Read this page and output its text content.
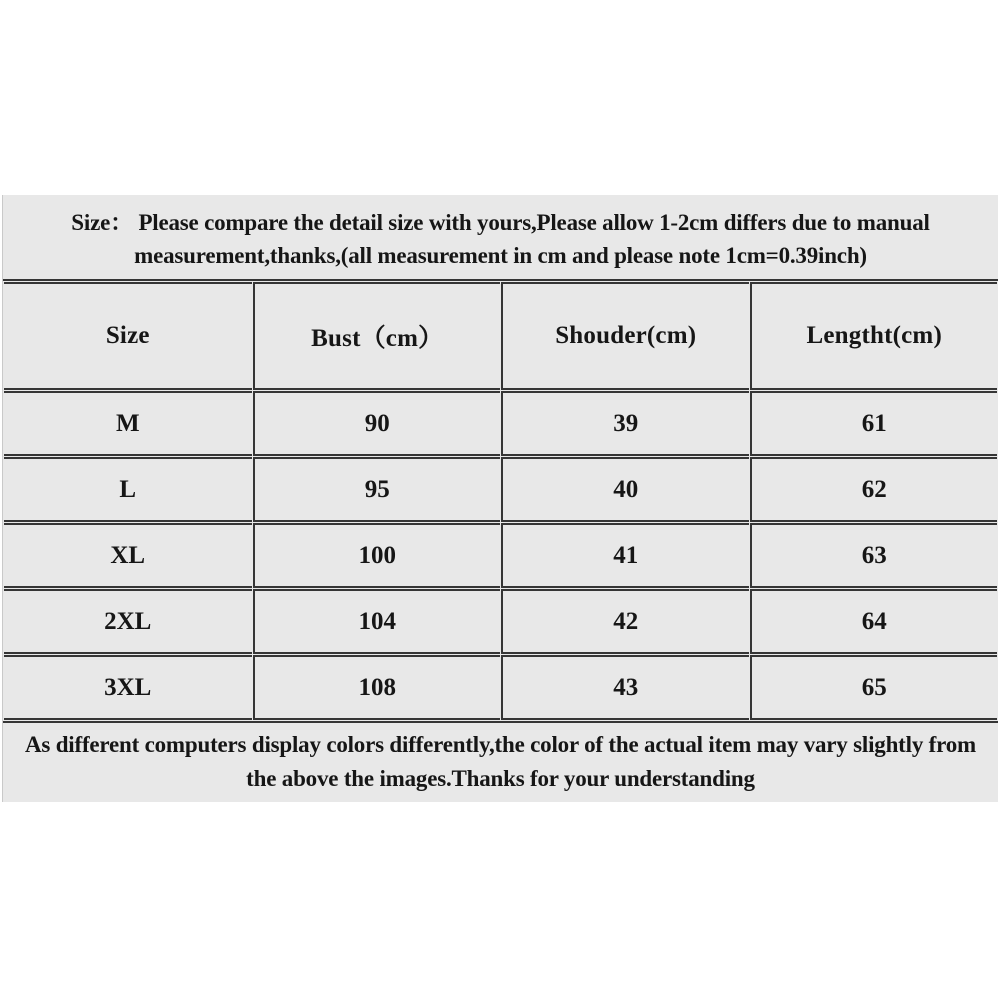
Size： Please compare the detail size with yours,Please allow 1-2cm differs due to manual
measurement,thanks,(all measurement in cm and please note 1cm=0.39inch)
Size	Bust（cm）	Shouder(cm)	Lengtht(cm)
M	90	39	61
L	95	40	62
XL	100	41	63
2XL	104	42	64
3XL	108	43	65
As different computers display colors differently,the color of the actual item may vary slightly from
the above the images.Thanks for your understanding
